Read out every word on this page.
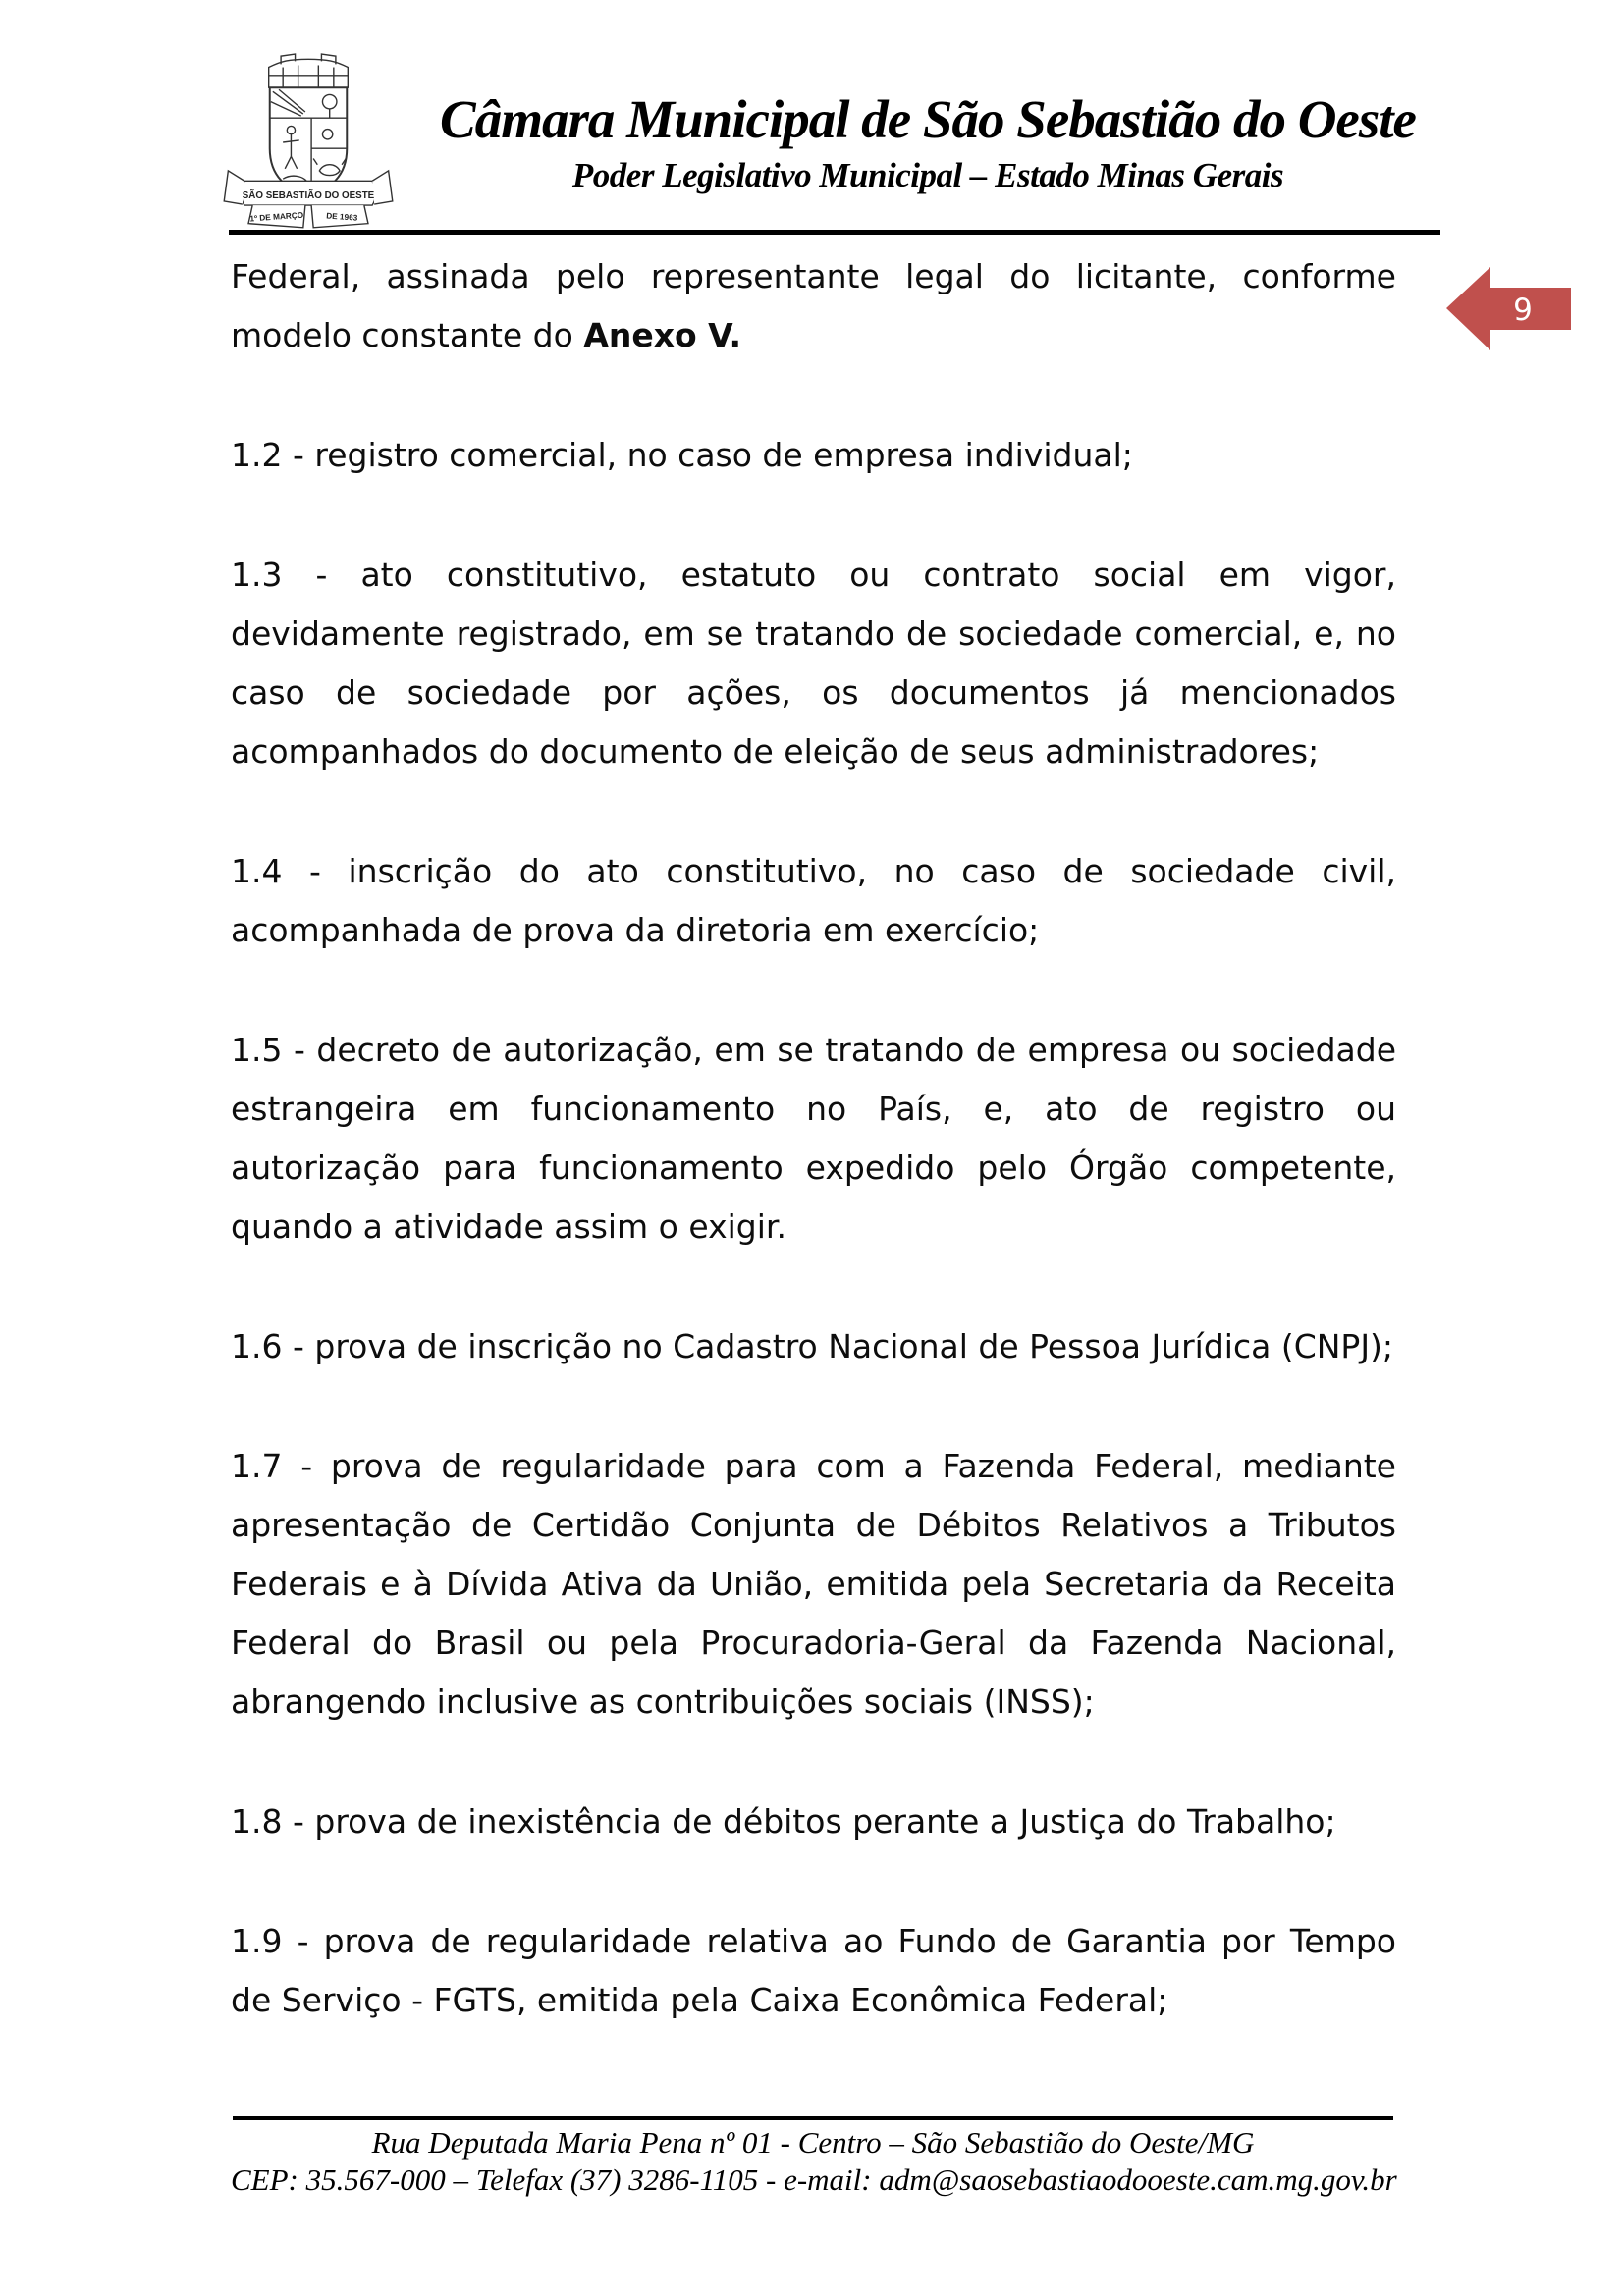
SÃO SEBASTIÃO DO OESTE
1º DE MARÇO	DE 1963
Câmara Municipal de São Sebastião do Oeste
Poder Legislativo Municipal – Estado Minas Gerais
9

Federal, assinada pelo representante legal do licitante, conforme modelo constante do Anexo V.

1.2 - registro comercial, no caso de empresa individual;

1.3 - ato constitutivo, estatuto ou contrato social em vigor, devidamente registrado, em se tratando de sociedade comercial, e, no caso de sociedade por ações, os documentos já mencionados acompanhados do documento de eleição de seus administradores;

1.4 - inscrição do ato constitutivo, no caso de sociedade civil, acompanhada de prova da diretoria em exercício;

1.5 - decreto de autorização, em se tratando de empresa ou sociedade estrangeira em funcionamento no País, e, ato de registro ou autorização para funcionamento expedido pelo Órgão competente, quando a atividade assim o exigir.

1.6 - prova de inscrição no Cadastro Nacional de Pessoa Jurídica (CNPJ);

1.7 - prova de regularidade para com a Fazenda Federal, mediante apresentação de Certidão Conjunta de Débitos Relativos a Tributos Federais e à Dívida Ativa da União, emitida pela Secretaria da Receita Federal do Brasil ou pela Procuradoria-Geral da Fazenda Nacional, abrangendo inclusive as contribuições sociais (INSS);

1.8 - prova de inexistência de débitos perante a Justiça do Trabalho;

1.9 - prova de regularidade relativa ao Fundo de Garantia por Tempo de Serviço - FGTS, emitida pela Caixa Econômica Federal;

Rua Deputada Maria Pena nº 01 - Centro – São Sebastião do Oeste/MG
CEP: 35.567-000 – Telefax (37) 3286-1105 - e-mail: adm@saosebastiaodooeste.cam.mg.gov.br
